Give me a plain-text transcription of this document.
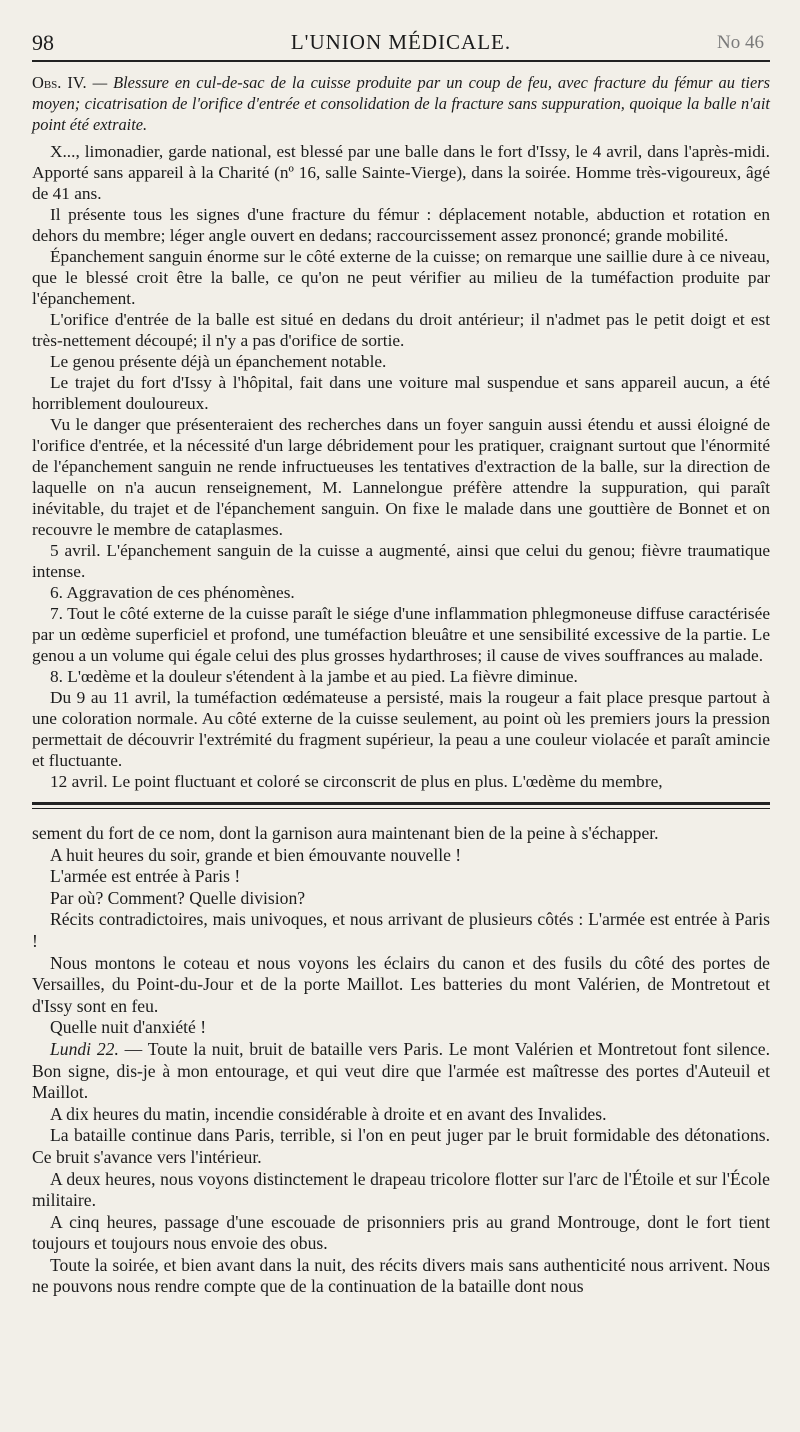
98	L'UNION MÉDICALE.	No 46

Obs. IV. — Blessure en cul-de-sac de la cuisse produite par un coup de feu, avec fracture du fémur au tiers moyen; cicatrisation de l'orifice d'entrée et consolidation de la fracture sans suppuration, quoique la balle n'ait point été extraite.

X..., limonadier, garde national, est blessé par une balle dans le fort d'Issy, le 4 avril, dans l'après-midi. Apporté sans appareil à la Charité (nº 16, salle Sainte-Vierge), dans la soirée. Homme très-vigoureux, âgé de 41 ans.

Il présente tous les signes d'une fracture du fémur : déplacement notable, abduction et rotation en dehors du membre; léger angle ouvert en dedans; raccourcissement assez prononcé; grande mobilité.

Épanchement sanguin énorme sur le côté externe de la cuisse; on remarque une saillie dure à ce niveau, que le blessé croit être la balle, ce qu'on ne peut vérifier au milieu de la tuméfaction produite par l'épanchement.

L'orifice d'entrée de la balle est situé en dedans du droit antérieur; il n'admet pas le petit doigt et est très-nettement découpé; il n'y a pas d'orifice de sortie.

Le genou présente déjà un épanchement notable.

Le trajet du fort d'Issy à l'hôpital, fait dans une voiture mal suspendue et sans appareil aucun, a été horriblement douloureux.

Vu le danger que présenteraient des recherches dans un foyer sanguin aussi étendu et aussi éloigné de l'orifice d'entrée, et la nécessité d'un large débridement pour les pratiquer, craignant surtout que l'énormité de l'épanchement sanguin ne rende infructueuses les tentatives d'extraction de la balle, sur la direction de laquelle on n'a aucun renseignement, M. Lannelongue préfère attendre la suppuration, qui paraît inévitable, du trajet et de l'épanchement sanguin. On fixe le malade dans une gouttière de Bonnet et on recouvre le membre de cataplasmes.

5 avril. L'épanchement sanguin de la cuisse a augmenté, ainsi que celui du genou; fièvre traumatique intense.

6. Aggravation de ces phénomènes.

7. Tout le côté externe de la cuisse paraît le siége d'une inflammation phlegmoneuse diffuse caractérisée par un œdème superficiel et profond, une tuméfaction bleuâtre et une sensibilité excessive de la partie. Le genou a un volume qui égale celui des plus grosses hydarthroses; il cause de vives souffrances au malade.

8. L'œdème et la douleur s'étendent à la jambe et au pied. La fièvre diminue.

Du 9 au 11 avril, la tuméfaction œdémateuse a persisté, mais la rougeur a fait place presque partout à une coloration normale. Au côté externe de la cuisse seulement, au point où les premiers jours la pression permettait de découvrir l'extrémité du fragment supérieur, la peau a une couleur violacée et paraît amincie et fluctuante.

12 avril. Le point fluctuant et coloré se circonscrit de plus en plus. L'œdème du membre,

sement du fort de ce nom, dont la garnison aura maintenant bien de la peine à s'échapper.

A huit heures du soir, grande et bien émouvante nouvelle !

L'armée est entrée à Paris !

Par où? Comment? Quelle division?

Récits contradictoires, mais univoques, et nous arrivant de plusieurs côtés : L'armée est entrée à Paris !

Nous montons le coteau et nous voyons les éclairs du canon et des fusils du côté des portes de Versailles, du Point-du-Jour et de la porte Maillot. Les batteries du mont Valérien, de Montretout et d'Issy sont en feu.

Quelle nuit d'anxiété !

Lundi 22. — Toute la nuit, bruit de bataille vers Paris. Le mont Valérien et Montretout font silence. Bon signe, dis-je à mon entourage, et qui veut dire que l'armée est maîtresse des portes d'Auteuil et Maillot.

A dix heures du matin, incendie considérable à droite et en avant des Invalides.

La bataille continue dans Paris, terrible, si l'on en peut juger par le bruit formidable des détonations. Ce bruit s'avance vers l'intérieur.

A deux heures, nous voyons distinctement le drapeau tricolore flotter sur l'arc de l'Étoile et sur l'École militaire.

A cinq heures, passage d'une escouade de prisonniers pris au grand Montrouge, dont le fort tient toujours et toujours nous envoie des obus.

Toute la soirée, et bien avant dans la nuit, des récits divers mais sans authenticité nous arrivent. Nous ne pouvons nous rendre compte que de la continuation de la bataille dont nous
